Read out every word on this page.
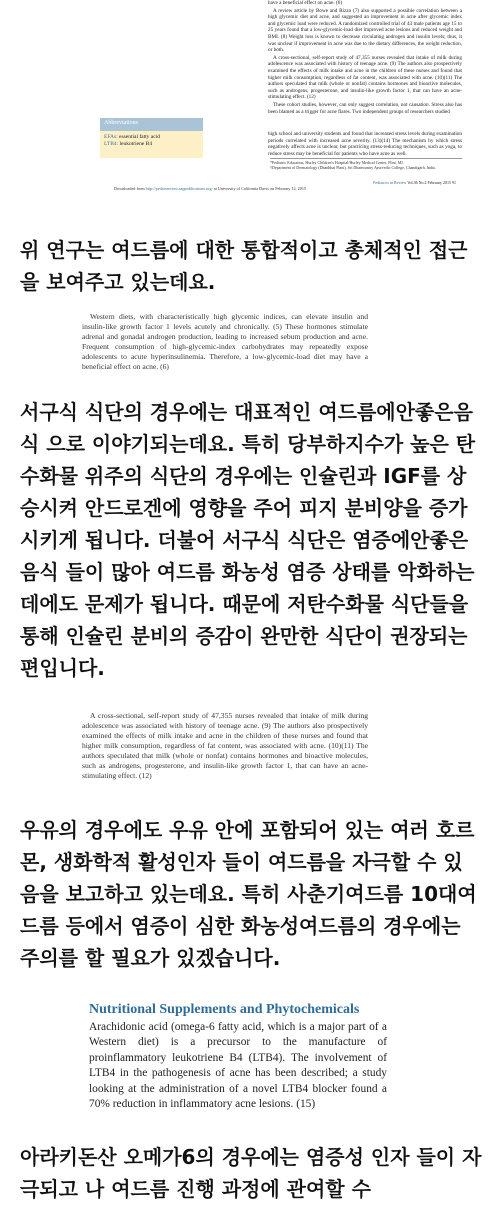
have a beneficial effect on acne. (6)

A review article by Bowe and Rizzo (7) also supported a possible correlation between a high glycemic diet and acne, and suggested an improvement in acne after glycemic index and glycemic load were reduced. A randomized controlled trial of 43 male patients age 15 to 25 years found that a low-glycemic-load diet improved acne lesions and reduced weight and BMI. (8) Weight loss is known to decrease circulating androgen and insulin levels; thus, it was unclear if improvement in acne was due to the dietary differences, the weight reduction, or both.

A cross-sectional, self-report study of 47,355 nurses revealed that intake of milk during adolescence was associated with history of teenage acne. (9) The authors also prospectively examined the effects of milk intake and acne in the children of these nurses and found that higher milk consumption, regardless of fat content, was associated with acne. (10)(11) The authors speculated that milk (whole or nonfat) contains hormones and bioactive molecules, such as androgens, progesterone, and insulin-like growth factor 1, that can have an acne-stimulating effect. (12)

These cohort studies, however, can only suggest correlation, not causation. Stress also has been blamed as a trigger for acne flares. Two independent groups of researchers studied

Abbreviations
EFAs: essential fatty acid
LTB4: leukotriene B4
high school and university students and found that increased stress levels during examination periods correlated with increased acne severity. (13)(14) The mechanism by which stress negatively affects acne is unclear, but practicing stress-reducing techniques, such as yoga, to reduce stress may be beneficial for patients who have acne as well.
*Pediatric Education, Hurley Children's Hospital/Hurley Medical Center, Flint, MI.
†Department of Dermatology (Dhanbhai Plant), Sri Dhanwantry Ayurvedic College, Chandigarh, India.
Pediatrics in Review Vol.36 No.2 February 2015 91
Downloaded from http://pedsinreview.aappublications.org/ at University of California Davis on February 12, 2015

위 연구는 여드름에 대한 통합적이고 총체적인 접근을 보여주고 있는데요.

Western diets, with characteristically high glycemic indices, can elevate insulin and insulin-like growth factor 1 levels acutely and chronically. (5) These hormones stimulate adrenal and gonadal androgen production, leading to increased sebum production and acne. Frequent consumption of high-glycemic-index carbohydrates may repeatedly expose adolescents to acute hyperinsulinemia. Therefore, a low-glycemic-load diet may have a beneficial effect on acne. (6)

서구식 식단의 경우에는 대표적인 여드름에안좋은음식 으로 이야기되는데요. 특히 당부하지수가 높은 탄수화물 위주의 식단의 경우에는 인슐린과 IGF를 상승시켜 안드로겐에 영향을 주어 피지 분비양을 증가시키게 됩니다. 더불어 서구식 식단은 염증에안좋은음식 들이 많아 여드름 화농성 염증 상태를 악화하는데에도 문제가 됩니다. 때문에 저탄수화물 식단들을 통해 인슐린 분비의 증감이 완만한 식단이 권장되는 편입니다.

A cross-sectional, self-report study of 47,355 nurses revealed that intake of milk during adolescence was associated with history of teenage acne. (9) The authors also prospectively examined the effects of milk intake and acne in the children of these nurses and found that higher milk consumption, regardless of fat content, was associated with acne. (10)(11) The authors speculated that milk (whole or nonfat) contains hormones and bioactive molecules, such as androgens, progesterone, and insulin-like growth factor 1, that can have an acne-stimulating effect. (12)

우유의 경우에도 우유 안에 포함되어 있는 여러 호르몬, 생화학적 활성인자 들이 여드름을 자극할 수 있음을 보고하고 있는데요. 특히 사춘기여드름 10대여드름 등에서 염증이 심한 화농성여드름의 경우에는 주의를 할 필요가 있겠습니다.

Nutritional Supplements and Phytochemicals

Arachidonic acid (omega-6 fatty acid, which is a major part of a Western diet) is a precursor to the manufacture of proinflammatory leukotriene B4 (LTB4). The involvement of LTB4 in the pathogenesis of acne has been described; a study looking at the administration of a novel LTB4 blocker found a 70% reduction in inflammatory acne lesions. (15)

아라키돈산 오메가6의 경우에는 염증성 인자 들이 자극되고 나 여드름 진행 과정에 관여할 수
